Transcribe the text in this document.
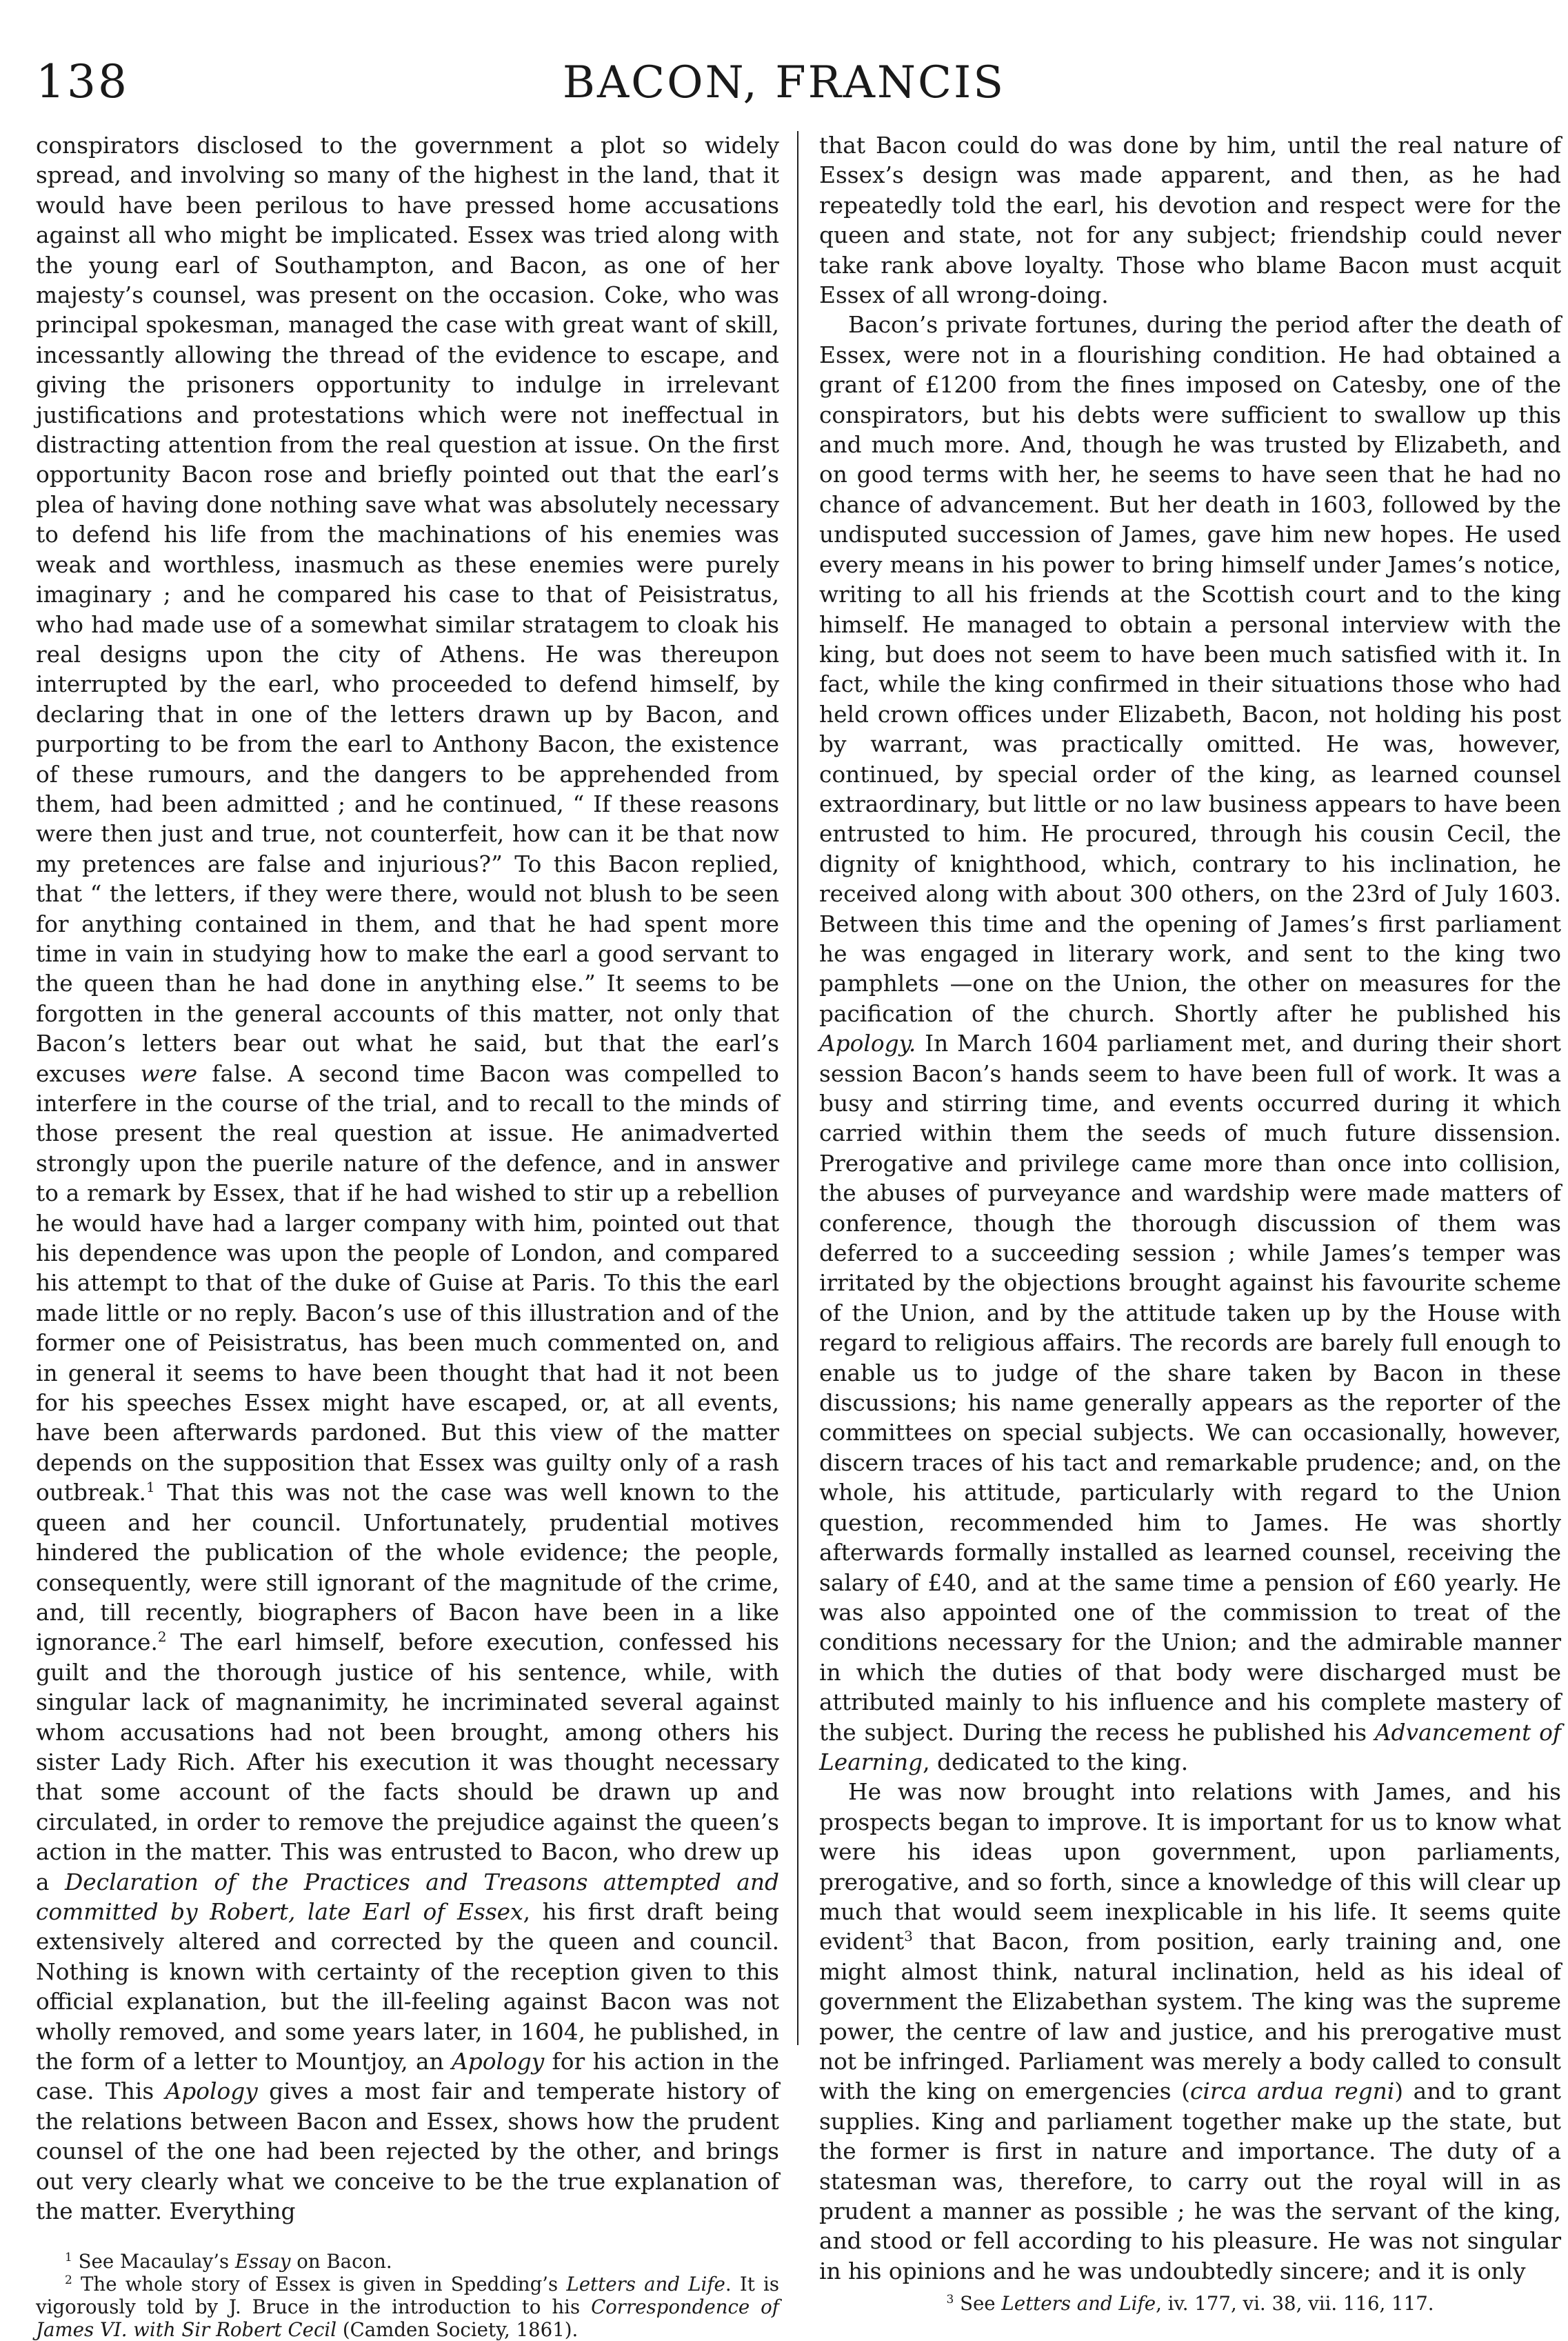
138	BACON, FRANCIS

conspirators disclosed to the government a plot so widely spread, and involving so many of the highest in the land, that it would have been perilous to have pressed home accusations against all who might be implicated. Essex was tried along with the young earl of Southampton, and Bacon, as one of her majesty’s counsel, was present on the occasion. Coke, who was principal spokesman, managed the case with great want of skill, incessantly allowing the thread of the evidence to escape, and giving the prisoners opportunity to indulge in irrelevant justifications and protestations which were not ineffectual in distracting attention from the real question at issue. On the first opportunity Bacon rose and briefly pointed out that the earl’s plea of having done nothing save what was absolutely necessary to defend his life from the machinations of his enemies was weak and worthless, inasmuch as these enemies were purely imaginary ; and he compared his case to that of Peisistratus, who had made use of a somewhat similar stratagem to cloak his real designs upon the city of Athens. He was thereupon interrupted by the earl, who proceeded to defend himself, by declaring that in one of the letters drawn up by Bacon, and purporting to be from the earl to Anthony Bacon, the existence of these rumours, and the dangers to be apprehended from them, had been admitted ; and he continued, “ If these reasons were then just and true, not counterfeit, how can it be that now my pretences are false and injurious?” To this Bacon replied, that “ the letters, if they were there, would not blush to be seen for anything contained in them, and that he had spent more time in vain in studying how to make the earl a good servant to the queen than he had done in anything else.” It seems to be forgotten in the general accounts of this matter, not only that Bacon’s letters bear out what he said, but that the earl’s excuses were false. A second time Bacon was compelled to interfere in the course of the trial, and to recall to the minds of those present the real question at issue. He animadverted strongly upon the puerile nature of the defence, and in answer to a remark by Essex, that if he had wished to stir up a rebellion he would have had a larger company with him, pointed out that his dependence was upon the people of London, and compared his attempt to that of the duke of Guise at Paris. To this the earl made little or no reply. Bacon’s use of this illustration and of the former one of Peisistratus, has been much commented on, and in general it seems to have been thought that had it not been for his speeches Essex might have escaped, or, at all events, have been afterwards pardoned. But this view of the matter depends on the supposition that Essex was guilty only of a rash outbreak.$^1$ That this was not the case was well known to the queen and her council. Unfortunately, prudential motives hindered the publication of the whole evidence; the people, consequently, were still ignorant of the magnitude of the crime, and, till recently, biographers of Bacon have been in a like ignorance.$^2$ The earl himself, before execution, confessed his guilt and the thorough justice of his sentence, while, with singular lack of magnanimity, he incriminated several against whom accusations had not been brought, among others his sister Lady Rich. After his execution it was thought necessary that some account of the facts should be drawn up and circulated, in order to remove the prejudice against the queen’s action in the matter. This was entrusted to Bacon, who drew up a Declaration of the Practices and Treasons attempted and committed by Robert, late Earl of Essex, his first draft being extensively altered and corrected by the queen and council. Nothing is known with certainty of the reception given to this official explanation, but the ill-feeling against Bacon was not wholly removed, and some years later, in 1604, he published, in the form of a letter to Mountjoy, an Apology for his action in the case. This Apology gives a most fair and temperate history of the relations between Bacon and Essex, shows how the prudent counsel of the one had been rejected by the other, and brings out very clearly what we conceive to be the true explanation of the matter. Everything

$^1$ See Macaulay’s Essay on Bacon.

$^2$ The whole story of Essex is given in Spedding’s Letters and Life. It is vigorously told by J. Bruce in the introduction to his Correspondence of James VI. with Sir Robert Cecil (Camden Society, 1861).

that Bacon could do was done by him, until the real nature of Essex’s design was made apparent, and then, as he had repeatedly told the earl, his devotion and respect were for the queen and state, not for any subject; friendship could never take rank above loyalty. Those who blame Bacon must acquit Essex of all wrong-doing.

Bacon’s private fortunes, during the period after the death of Essex, were not in a flourishing condition. He had obtained a grant of £1200 from the fines imposed on Catesby, one of the conspirators, but his debts were sufficient to swallow up this and much more. And, though he was trusted by Elizabeth, and on good terms with her, he seems to have seen that he had no chance of advancement. But her death in 1603, followed by the undisputed succession of James, gave him new hopes. He used every means in his power to bring himself under James’s notice, writing to all his friends at the Scottish court and to the king himself. He managed to obtain a personal interview with the king, but does not seem to have been much satisfied with it. In fact, while the king confirmed in their situations those who had held crown offices under Elizabeth, Bacon, not holding his post by warrant, was practically omitted. He was, however, continued, by special order of the king, as learned counsel extraordinary, but little or no law business appears to have been entrusted to him. He procured, through his cousin Cecil, the dignity of knighthood, which, contrary to his inclination, he received along with about 300 others, on the 23rd of July 1603. Between this time and the opening of James’s first parliament he was engaged in literary work, and sent to the king two pamphlets —one on the Union, the other on measures for the pacification of the church. Shortly after he published his Apology. In March 1604 parliament met, and during their short session Bacon’s hands seem to have been full of work. It was a busy and stirring time, and events occurred during it which carried within them the seeds of much future dissension. Prerogative and privilege came more than once into collision, the abuses of purveyance and wardship were made matters of conference, though the thorough discussion of them was deferred to a succeeding session ; while James’s temper was irritated by the objections brought against his favourite scheme of the Union, and by the attitude taken up by the House with regard to religious affairs. The records are barely full enough to enable us to judge of the share taken by Bacon in these discussions; his name generally appears as the reporter of the committees on special subjects. We can occasionally, however, discern traces of his tact and remarkable prudence; and, on the whole, his attitude, particularly with regard to the Union question, recommended him to James. He was shortly afterwards formally installed as learned counsel, receiving the salary of £40, and at the same time a pension of £60 yearly. He was also appointed one of the commission to treat of the conditions necessary for the Union; and the admirable manner in which the duties of that body were discharged must be attributed mainly to his influence and his complete mastery of the subject. During the recess he published his Advancement of Learning, dedicated to the king.

He was now brought into relations with James, and his prospects began to improve. It is important for us to know what were his ideas upon government, upon parliaments, prerogative, and so forth, since a knowledge of this will clear up much that would seem inexplicable in his life. It seems quite evident$^3$ that Bacon, from position, early training and, one might almost think, natural inclination, held as his ideal of government the Elizabethan system. The king was the supreme power, the centre of law and justice, and his prerogative must not be infringed. Parliament was merely a body called to consult with the king on emergencies (circa ardua regni) and to grant supplies. King and parliament together make up the state, but the former is first in nature and importance. The duty of a statesman was, therefore, to carry out the royal will in as prudent a manner as possible ; he was the servant of the king, and stood or fell according to his pleasure. He was not singular in his opinions and he was undoubtedly sincere; and it is only

$^3$ See Letters and Life, iv. 177, vi. 38, vii. 116, 117.
